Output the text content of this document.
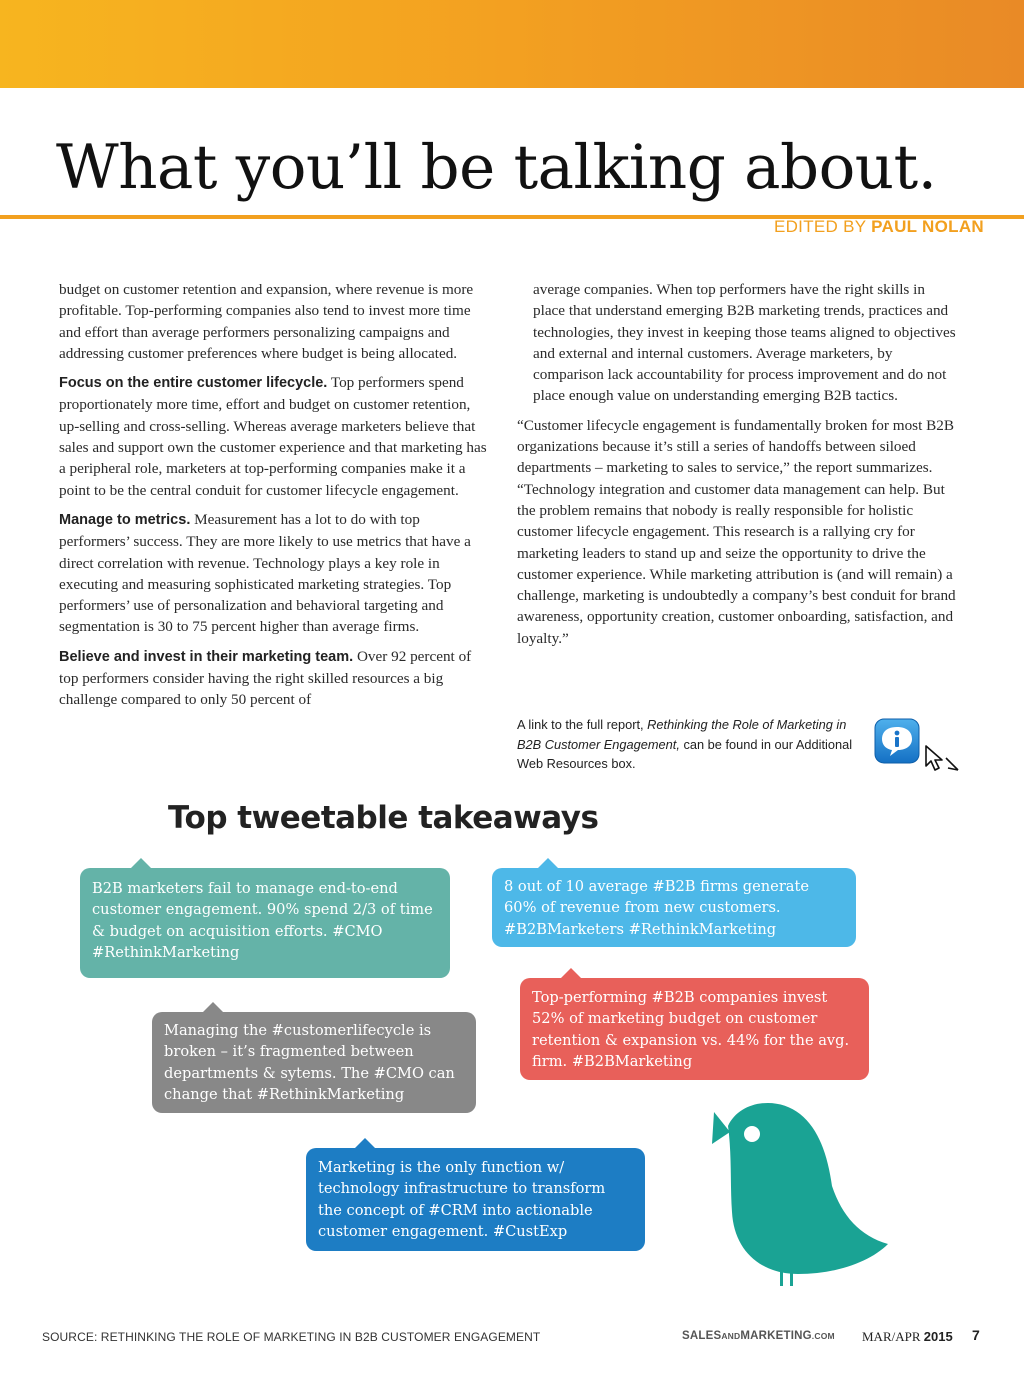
What you’ll be talking about.
EDITED BY PAUL NOLAN

budget on customer retention and expansion, where revenue is more profitable. Top-performing companies also tend to invest more time and effort than average performers personalizing campaigns and addressing customer preferences where budget is being allocated.

Focus on the entire customer lifecycle. Top performers spend proportionately more time, effort and budget on customer retention, up-selling and cross-selling. Whereas average marketers believe that sales and support own the customer experience and that marketing has a peripheral role, marketers at top-performing companies make it a point to be the central conduit for customer lifecycle engagement.

Manage to metrics. Measurement has a lot to do with top performers’ success. They are more likely to use metrics that have a direct correlation with revenue. Technology plays a key role in executing and measuring sophisticated marketing strategies. Top performers’ use of personalization and behavioral targeting and segmentation is 30 to 75 percent higher than average firms.

Believe and invest in their marketing team. Over 92 percent of top performers consider having the right skilled resources a big challenge compared to only 50 percent of

average companies. When top performers have the right skills in place that understand emerging B2B marketing trends, practices and technologies, they invest in keeping those teams aligned to objectives and external and internal customers. Average marketers, by comparison lack accountability for process improvement and do not place enough value on understanding emerging B2B tactics.

“Customer lifecycle engagement is fundamentally broken for most B2B organizations because it’s still a series of handoffs between siloed departments – marketing to sales to service,” the report summarizes. “Technology integration and customer data management can help. But the problem remains that nobody is really responsible for holistic customer lifecycle engagement. This research is a rallying cry for marketing leaders to stand up and seize the opportunity to drive the customer experience. While marketing attribution is (and will remain) a challenge, marketing is undoubtedly a company’s best conduit for brand awareness, opportunity creation, customer onboarding, satisfaction, and loyalty.”

A link to the full report, Rethinking the Role of Marketing in B2B Customer Engagement, can be found in our Additional Web Resources box.
Top tweetable takeaways
B2B marketers fail to manage end-to-end customer engagement. 90% spend 2/3 of time & budget on acquisition efforts. #CMO #RethinkMarketing
8 out of 10 average #B2B firms generate 60% of revenue from new customers. #B2BMarketers #RethinkMarketing
Managing the #customerlifecycle is broken – it’s fragmented between departments & sytems. The #CMO can change that #RethinkMarketing
Top-performing #B2B companies invest 52% of marketing budget on customer retention & expansion vs. 44% for the avg. firm. #B2BMarketing
Marketing is the only function w/ technology infrastructure to transform the concept of #CRM into actionable customer engagement. #CustExp
SOURCE: RETHINKING THE ROLE OF MARKETING IN B2B CUSTOMER ENGAGEMENT	SALESANDMARKETING.COM MAR/APR 2015 7
